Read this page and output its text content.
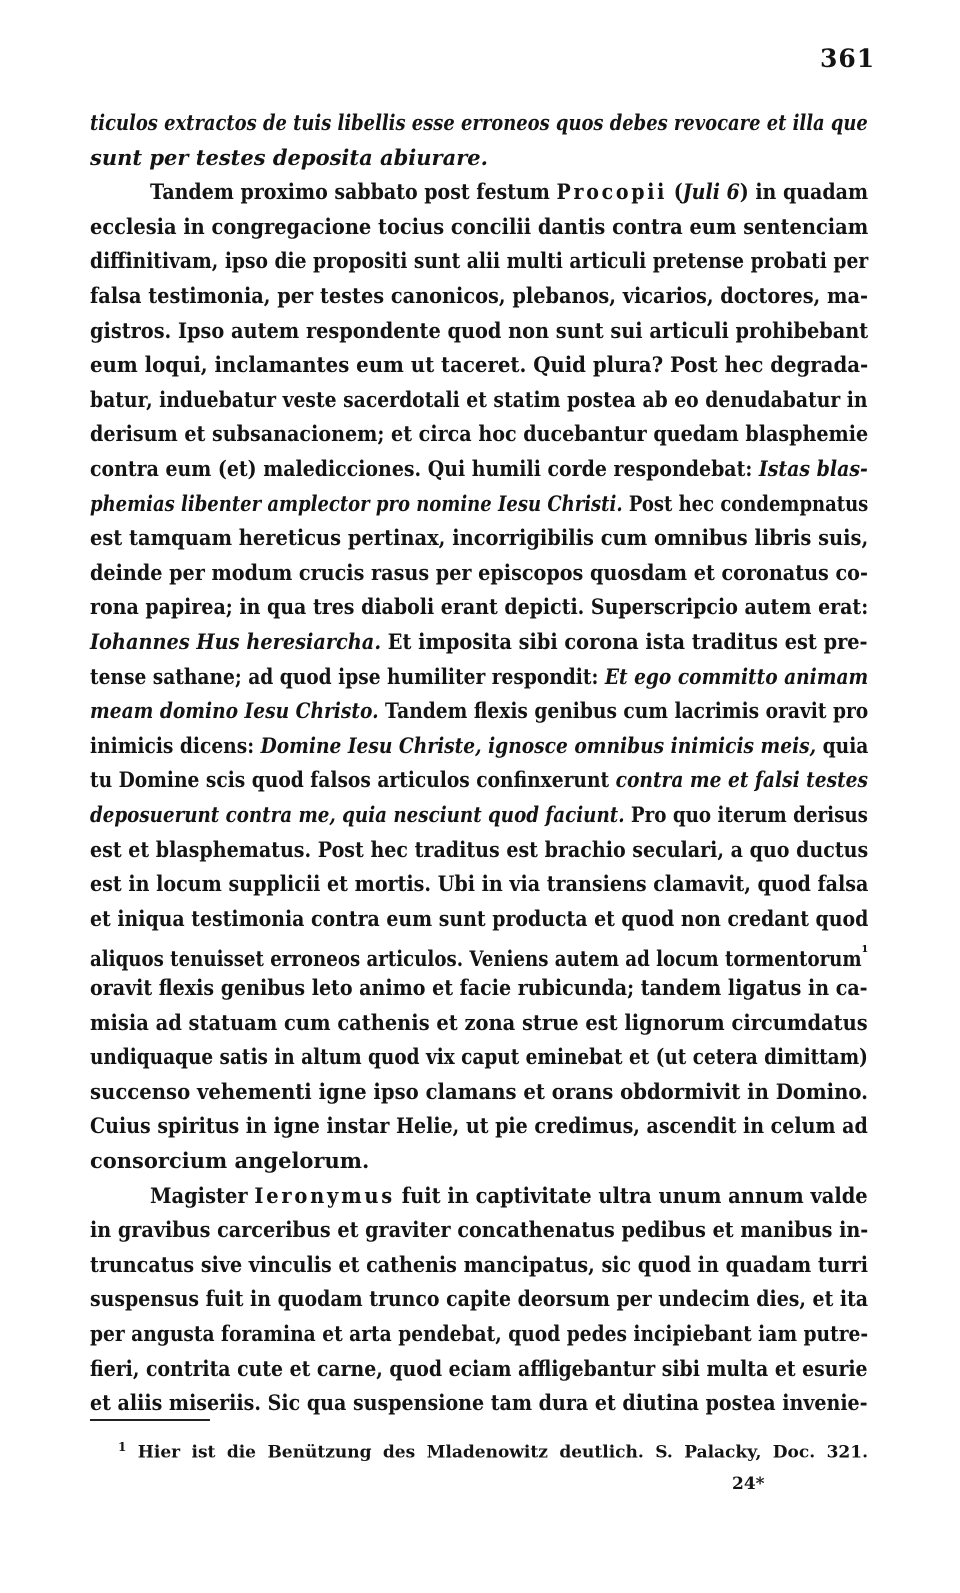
361
ticulos extractos de tuis libellis esse erroneos quos debes revocare et illa que
sunt per testes deposita abiurare.
Tandem proximo sabbato post festum Procopii (Juli 6) in quadam
ecclesia in congregacione tocius concilii dantis contra eum sentenciam
diffinitivam, ipso die propositi sunt alii multi articuli pretense probati per
falsa testimonia, per testes canonicos, plebanos, vicarios, doctores, ma-
gistros. Ipso autem respondente quod non sunt sui articuli prohibebant
eum loqui, inclamantes eum ut taceret. Quid plura? Post hec degrada-
batur, induebatur veste sacerdotali et statim postea ab eo denudabatur in
derisum et subsanacionem; et circa hoc ducebantur quedam blasphemie
contra eum (et) maledicciones. Qui humili corde respondebat: Istas blas-
phemias libenter amplector pro nomine Iesu Christi. Post hec condempnatus
est tamquam hereticus pertinax, incorrigibilis cum omnibus libris suis,
deinde per modum crucis rasus per episcopos quosdam et coronatus co-
rona papirea; in qua tres diaboli erant depicti. Superscripcio autem erat:
Iohannes Hus heresiarcha. Et imposita sibi corona ista traditus est pre-
tense sathane; ad quod ipse humiliter respondit: Et ego committo animam
meam domino Iesu Christo. Tandem flexis genibus cum lacrimis oravit pro
inimicis dicens: Domine Iesu Christe, ignosce omnibus inimicis meis, quia
tu Domine scis quod falsos articulos confinxerunt contra me et falsi testes
deposuerunt contra me, quia nesciunt quod faciunt. Pro quo iterum derisus
est et blasphematus. Post hec traditus est brachio seculari, a quo ductus
est in locum supplicii et mortis. Ubi in via transiens clamavit, quod falsa
et iniqua testimonia contra eum sunt producta et quod non credant quod
aliquos tenuisset erroneos articulos. Veniens autem ad locum tormentorum$^{^1}$
oravit flexis genibus leto animo et facie rubicunda; tandem ligatus in ca-
misia ad statuam cum cathenis et zona strue est lignorum circumdatus
undiquaque satis in altum quod vix caput eminebat et (ut cetera dimittam)
succenso vehementi igne ipso clamans et orans obdormivit in Domino.
Cuius spiritus in igne instar Helie, ut pie credimus, ascendit in celum ad
consorcium angelorum.
Magister Ieronymus fuit in captivitate ultra unum annum valde
in gravibus carceribus et graviter concathenatus pedibus et manibus in-
truncatus sive vinculis et cathenis mancipatus, sic quod in quadam turri
suspensus fuit in quodam trunco capite deorsum per undecim dies, et ita
per angusta foramina et arta pendebat, quod pedes incipiebant iam putre-
fieri, contrita cute et carne, quod eciam affligebantur sibi multa et esurie
et aliis miseriis. Sic qua suspensione tam dura et diutina postea invenie-
$^1$ Hier ist die Benützung des Mladenowitz deutlich. S. Palacky, Doc. 321.
24*
